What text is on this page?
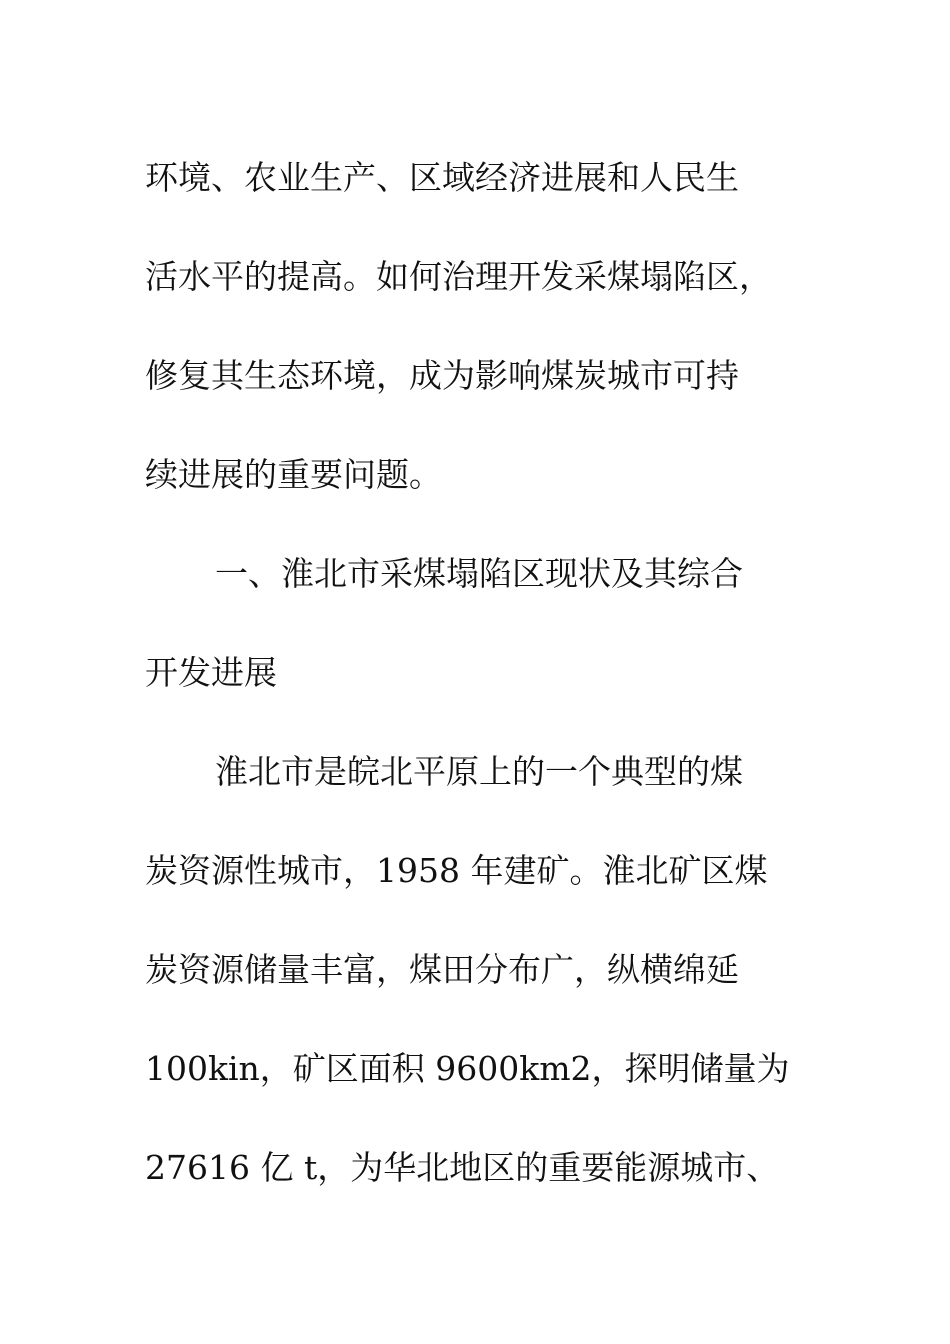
环境、农业生产、区域经济进展和人民生
活水平的提高。如何治理开发采煤塌陷区，
修复其生态环境，成为影响煤炭城市可持
续进展的重要问题。
一、淮北市采煤塌陷区现状及其综合
开发进展
淮北市是皖北平原上的一个典型的煤
炭资源性城市，1958 年建矿。淮北矿区煤
炭资源储量丰富，煤田分布广，纵横绵延
100kin，矿区面积 9600km2，探明储量为
27616 亿 t，为华北地区的重要能源城市、
